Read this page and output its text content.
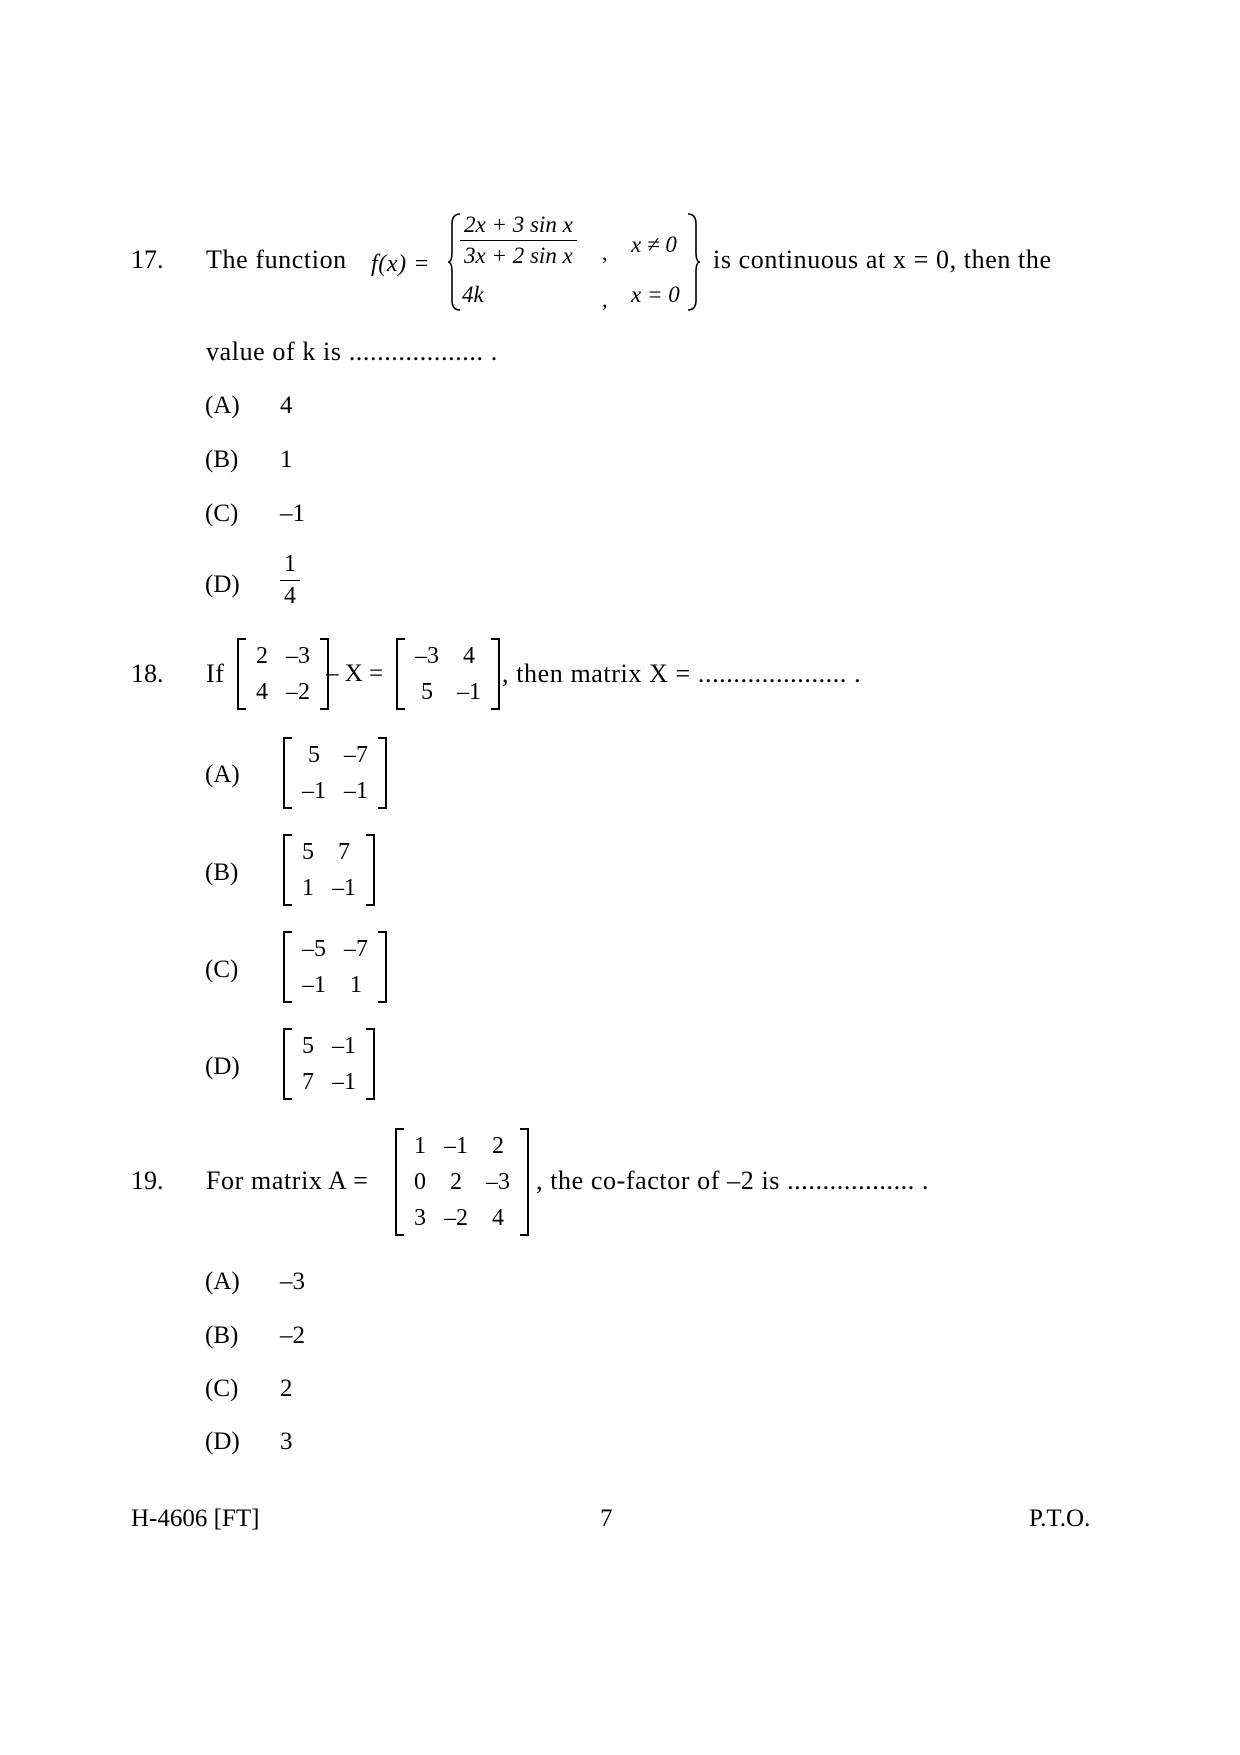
17. The function $f(x) = \frac{\text{2x + 3 sin x}}{\text{3x + 2 sin x}}$ , x ≠ 0
4k	, x = 0
is continuous at x = 0, then the
value of k is ................... .
(A) 4
(B) 1
(C) –1
$(D) \frac{1}{4}$
18. If
2	–3
4	–2
– X =
–3	4
5	–1
, then matrix X = ..................... .
(A)
5	–7
–1	–1
(B)
5	7
1	–1
(C)
–5	–7
–1	1
(D)
5	–1
7	–1
19. For matrix A =
1	–1	2
0	2	–3
3	–2	4
, the co-factor of –2 is .................. .
(A) –3
(B) –2
(C) 2
(D) 3
H-4606 [FT]	7	P.T.O.
